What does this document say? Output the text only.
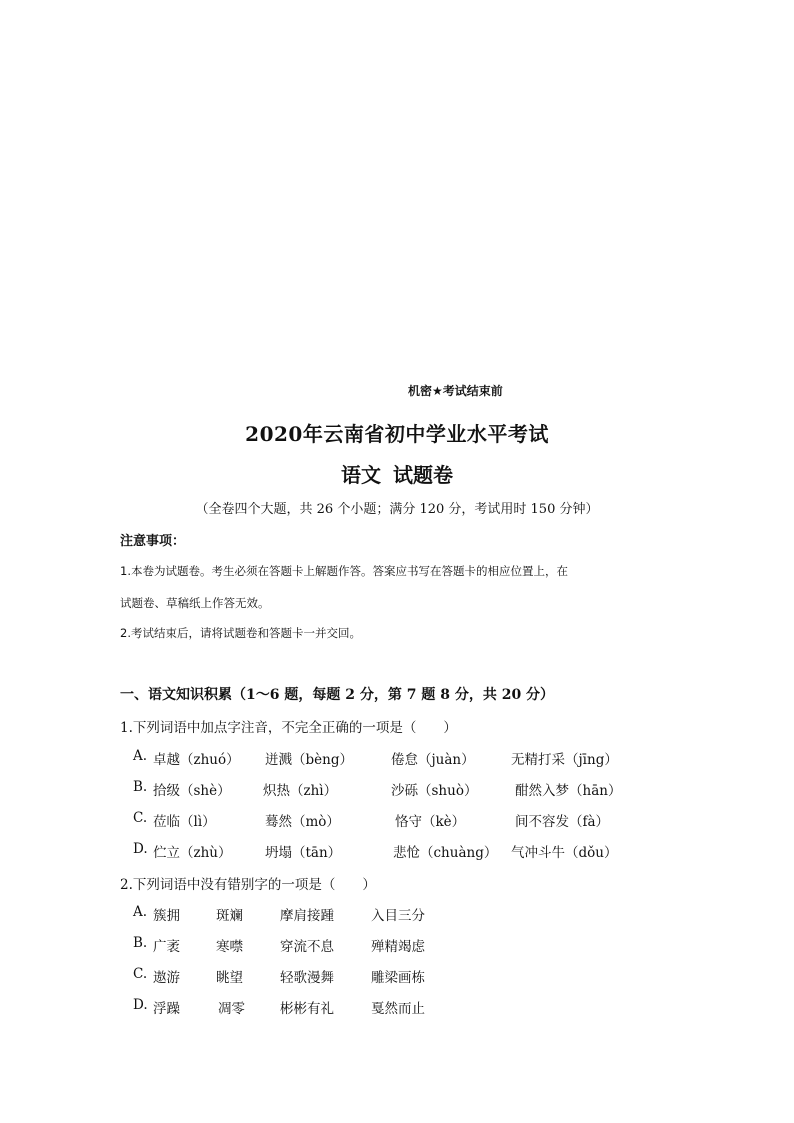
机密★考试结束前
2020年云南省初中学业水平考试
语文 试题卷
（全卷四个大题，共 26 个小题；满分 120 分，考试用时 150 分钟）
注意事项：
1.本卷为试题卷。考生必须在答题卡上解题作答。答案应书写在答题卡的相应位置上，在
试题卷、草稿纸上作答无效。
2.考试结束后，请将试题卷和答题卡一并交回。
一、语文知识积累（1～6 题，每题 2 分，第 7 题 8 分，共 20 分）
1.下列词语中加点字注音，不完全正确的一项是（　　）
A. 卓越（zhuó） 迸溅（bèng）	倦怠（juàn）	无精打采（jīng）
B. 拾级（shè） 炽热（zhì）	沙砾（shuò）	酣然入梦（hān）
C. 莅临（lì）	蓦然（mò）	恪守（kè）	间不容发（fà）
D. 伫立（zhù） 坍塌（tān）	悲怆（chuàng） 气冲斗牛（dǒu）
2.下列词语中没有错别字的一项是（　　）
A. 簇拥	斑斓	摩肩接踵	入目三分
B. 广袤	寒噤	穿流不息	殚精竭虑
C. 遨游	眺望	轻歌漫舞	雕梁画栋
D. 浮躁	凋零	彬彬有礼	戛然而止
